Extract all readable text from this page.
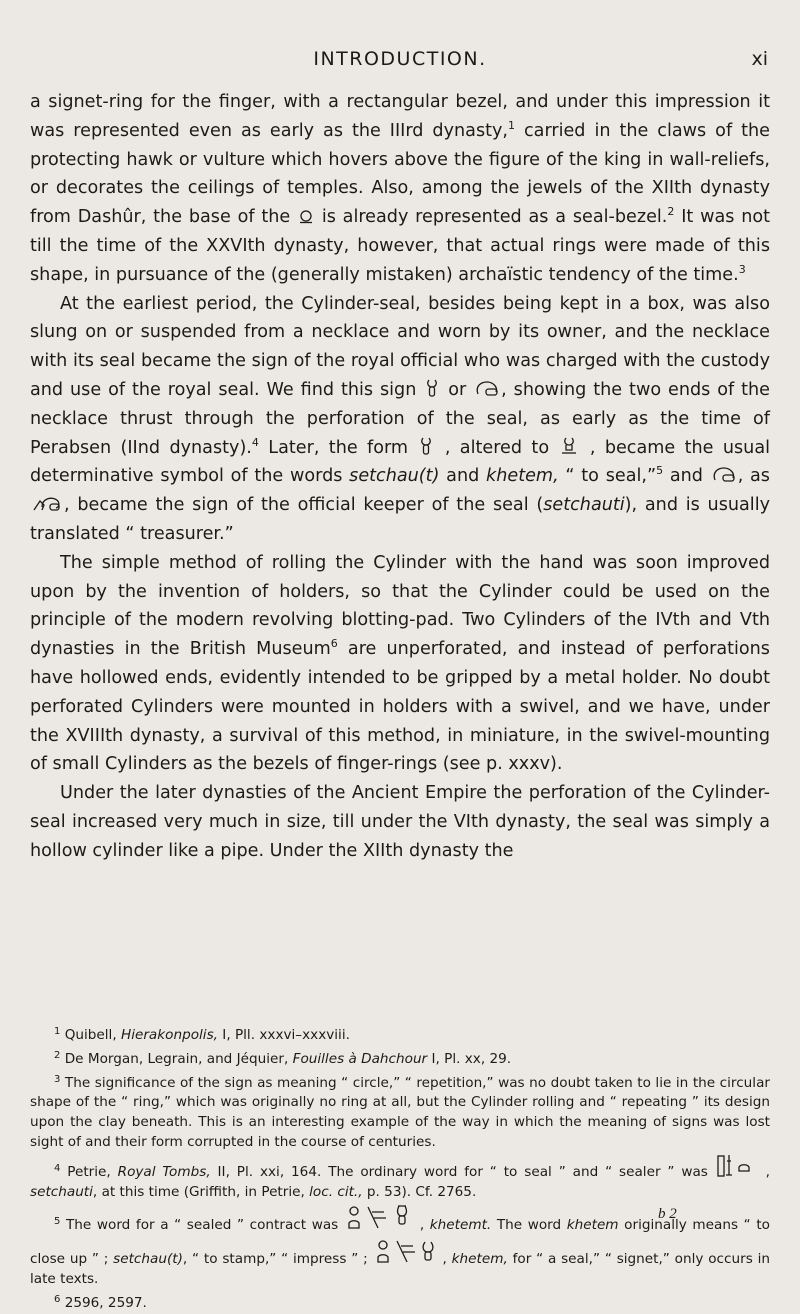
INTRODUCTION.	xi

a signet-ring for the finger, with a rectangular bezel, and under this impression it was represented even as early as the IIIrd dynasty,$^1$ carried in the claws of the protecting hawk or vulture which hovers above the figure of the king in wall-reliefs, or decorates the ceilings of temples. Also, among the jewels of the XIIth dynasty from Dashûr, the base of the
is already represented as a seal-bezel.$^2$ It was not till the time of the XXVIth dynasty, however, that actual rings were made of this shape, in pursuance of the (generally mistaken) archaïstic tendency of the time.$^3$

At the earliest period, the Cylinder-seal, besides being kept in a box, was also slung on or suspended from a necklace and worn by its owner, and the necklace with its seal became the sign of the royal official who was charged with the custody and use of the royal seal. We find this sign
or
, showing the two ends of the necklace thrust through the perforation of the seal, as early as the time of Perabsen (IInd dynasty).$^4$ Later, the form
, altered to
, became the usual determinative symbol of the words setchau(t) and khetem, “ to seal,”$^5$ and
, as
, became the sign of the official keeper of the seal (setchauti), and is usually translated “ treasurer.”

The simple method of rolling the Cylinder with the hand was soon improved upon by the invention of holders, so that the Cylinder could be used on the principle of the modern revolving blotting-pad. Two Cylinders of the IVth and Vth dynasties in the British Museum$^6$ are unperforated, and instead of perforations have hollowed ends, evidently intended to be gripped by a metal holder. No doubt perforated Cylinders were mounted in holders with a swivel, and we have, under the XVIIIth dynasty, a survival of this method, in miniature, in the swivel-mounting of small Cylinders as the bezels of finger-rings (see p. xxxv).

Under the later dynasties of the Ancient Empire the perforation of the Cylinder-seal increased very much in size, till under the VIth dynasty, the seal was simply a hollow cylinder like a pipe. Under the XIIth dynasty the

$^1$ Quibell, Hierakonpolis, I, Pll. xxxvi–xxxviii.

$^2$ De Morgan, Legrain, and Jéquier, Fouilles à Dahchour I, Pl. xx, 29.

$^3$ The significance of the sign as meaning “ circle,” “ repetition,” was no doubt taken to lie in the circular shape of the “ ring,” which was originally no ring at all, but the Cylinder rolling and “ repeating ” its design upon the clay beneath. This is an interesting example of the way in which the meaning of signs was lost sight of and their form corrupted in the course of centuries.

$^4$ Petrie, Royal Tombs, II, Pl. xxi, 164. The ordinary word for “ to seal ” and “ sealer ” was	, setchauti, at this time (Griffith, in Petrie, loc. cit., p. 53). Cf. 2765.

$^5$ The word for a “ sealed ” contract was	, khetemt. The word khetem originally means “ to close up ” ; setchau(t), “ to stamp,” “ impress ” ;	, khetem, for “ a seal,” “ signet,” only occurs in late texts.

$^6$ 2596, 2597.

b 2
